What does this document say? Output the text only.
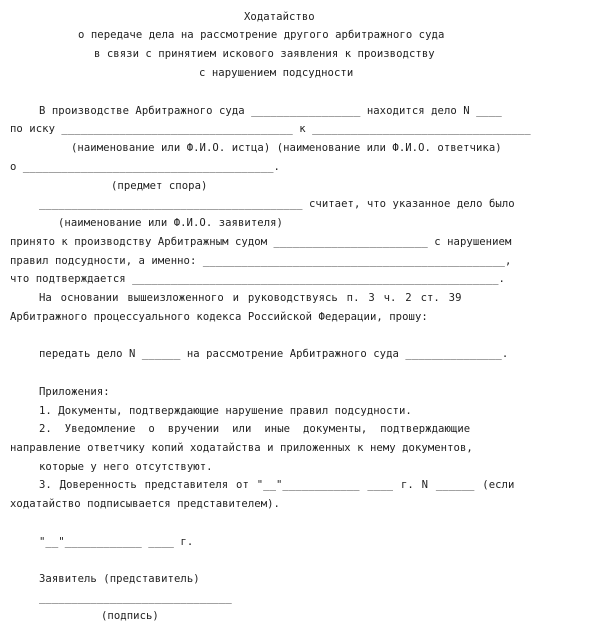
Ходатайство
о передаче дела на рассмотрение другого арбитражного суда
в связи с принятием искового заявления к производству
с нарушением подсудности
В производстве Арбитражного суда _________________ находится дело N ____
по иску ____________________________________ к __________________________________
(наименование или Ф.И.О. истца) (наименование или Ф.И.О. ответчика)
о _______________________________________.
(предмет спора)
_________________________________________ считает, что указанное дело было
(наименование или Ф.И.О. заявителя)
принято к производству Арбитражным судом ________________________ с нарушением
правил подсудности, а именно: _______________________________________________,
что подтверждается _________________________________________________________.
На основании вышеизложенного и руководствуясь п. 3 ч. 2 ст. 39
Арбитражного процессуального кодекса Российской Федерации, прошу:
передать дело N ______ на рассмотрение Арбитражного суда _______________.
Приложения:
1. Документы, подтверждающие нарушение правил подсудности.
2. Уведомление о вручении или иные документы, подтверждающие
направление ответчику копий ходатайства и приложенных к нему документов,
которые у него отсутствуют.
3. Доверенность представителя от "__"____________ ____ г. N ______ (если
ходатайство подписывается представителем).
"__"____________ ____ г.
Заявитель (представитель)
______________________________
(подпись)
